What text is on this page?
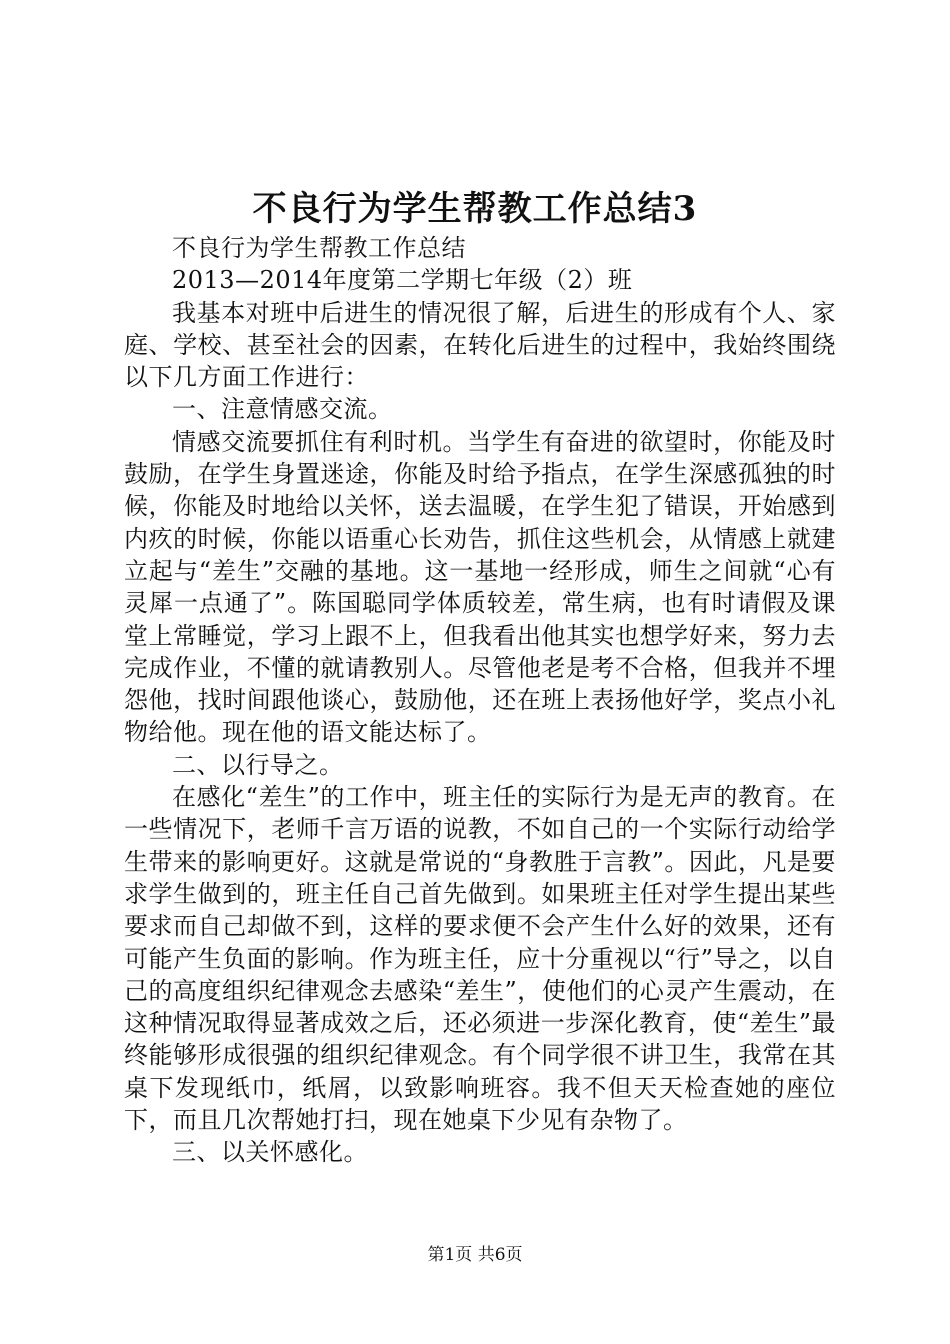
不良行为学生帮教工作总结3

不良行为学生帮教工作总结

2013—2014年度第二学期七年级（2）班

我基本对班中后进生的情况很了解，后进生的形成有个人、家庭、学校、甚至社会的因素，在转化后进生的过程中，我始终围绕以下几方面工作进行：

一、注意情感交流。

情感交流要抓住有利时机。当学生有奋进的欲望时，你能及时鼓励，在学生身置迷途，你能及时给予指点，在学生深感孤独的时候，你能及时地给以关怀，送去温暖，在学生犯了错误，开始感到内疚的时候，你能以语重心长劝告，抓住这些机会，从情感上就建立起与“差生”交融的基地。这一基地一经形成，师生之间就“心有灵犀一点通了”。陈国聪同学体质较差，常生病，也有时请假及课堂上常睡觉，学习上跟不上，但我看出他其实也想学好来，努力去完成作业，不懂的就请教别人。尽管他老是考不合格，但我并不埋怨他，找时间跟他谈心，鼓励他，还在班上表扬他好学，奖点小礼物给他。现在他的语文能达标了。

二、以行导之。

在感化“差生”的工作中，班主任的实际行为是无声的教育。在一些情况下，老师千言万语的说教，不如自己的一个实际行动给学生带来的影响更好。这就是常说的“身教胜于言教”。因此，凡是要求学生做到的，班主任自己首先做到。如果班主任对学生提出某些要求而自己却做不到，这样的要求便不会产生什么好的效果，还有可能产生负面的影响。作为班主任，应十分重视以“行”导之，以自己的高度组织纪律观念去感染“差生”，使他们的心灵产生震动，在这种情况取得显著成效之后，还必须进一步深化教育，使“差生”最终能够形成很强的组织纪律观念。有个同学很不讲卫生，我常在其桌下发现纸巾，纸屑，以致影响班容。我不但天天检查她的座位下，而且几次帮她打扫，现在她桌下少见有杂物了。

三、以关怀感化。

第1页 共6页
